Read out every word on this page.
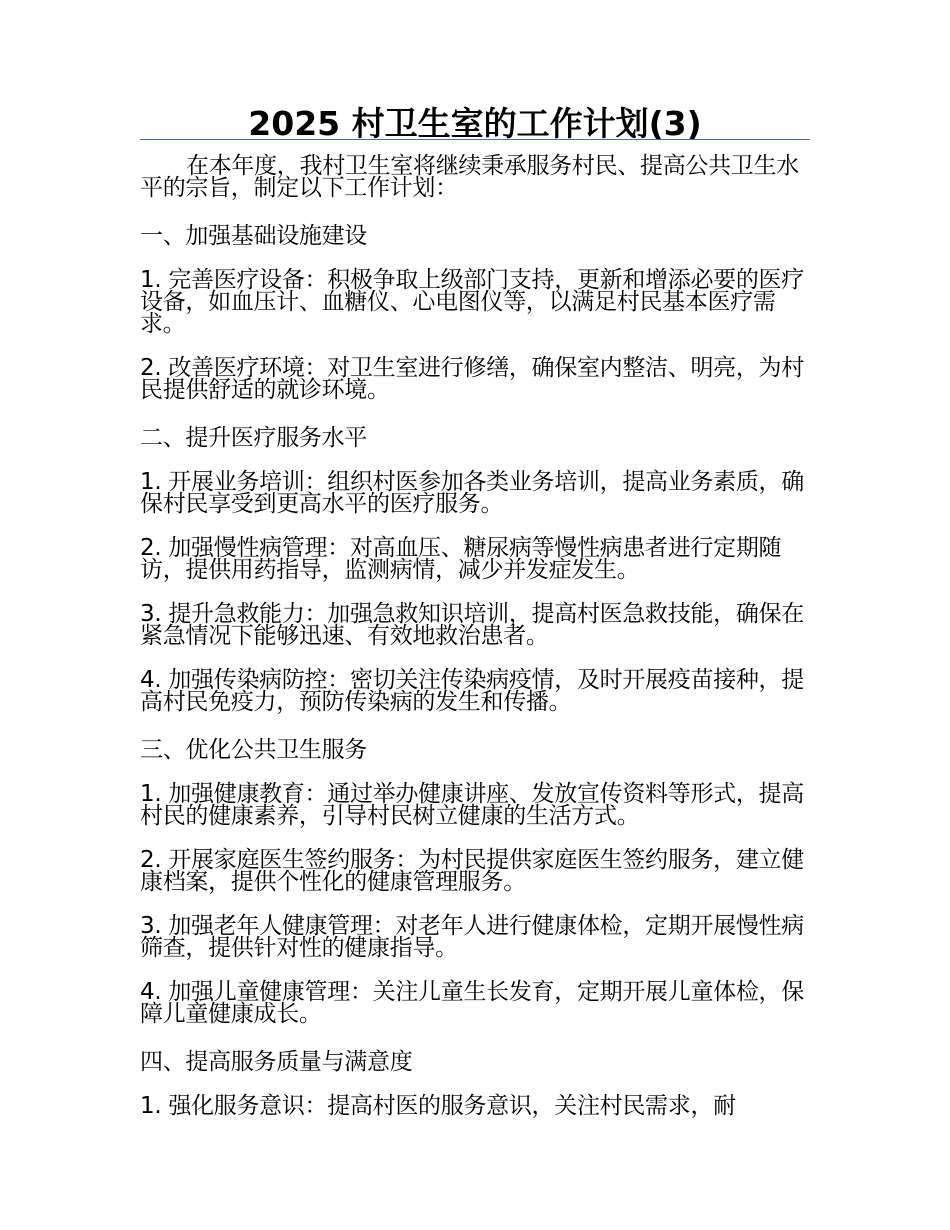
2025 村卫生室的工作计划(3)

在本年度，我村卫生室将继续秉承服务村民、提高公共卫生水平的宗旨，制定以下工作计划：

一、加强基础设施建设

1. 完善医疗设备：积极争取上级部门支持，更新和增添必要的医疗设备，如血压计、血糖仪、心电图仪等，以满足村民基本医疗需求。

2. 改善医疗环境：对卫生室进行修缮，确保室内整洁、明亮，为村民提供舒适的就诊环境。

二、提升医疗服务水平

1. 开展业务培训：组织村医参加各类业务培训，提高业务素质，确保村民享受到更高水平的医疗服务。

2. 加强慢性病管理：对高血压、糖尿病等慢性病患者进行定期随访，提供用药指导，监测病情，减少并发症发生。

3. 提升急救能力：加强急救知识培训，提高村医急救技能，确保在紧急情况下能够迅速、有效地救治患者。

4. 加强传染病防控：密切关注传染病疫情，及时开展疫苗接种，提高村民免疫力，预防传染病的发生和传播。

三、优化公共卫生服务

1. 加强健康教育：通过举办健康讲座、发放宣传资料等形式，提高村民的健康素养，引导村民树立健康的生活方式。

2. 开展家庭医生签约服务：为村民提供家庭医生签约服务，建立健康档案，提供个性化的健康管理服务。

3. 加强老年人健康管理：对老年人进行健康体检，定期开展慢性病筛查，提供针对性的健康指导。

4. 加强儿童健康管理：关注儿童生长发育，定期开展儿童体检，保障儿童健康成长。

四、提高服务质量与满意度

1. 强化服务意识：提高村医的服务意识，关注村民需求，耐
